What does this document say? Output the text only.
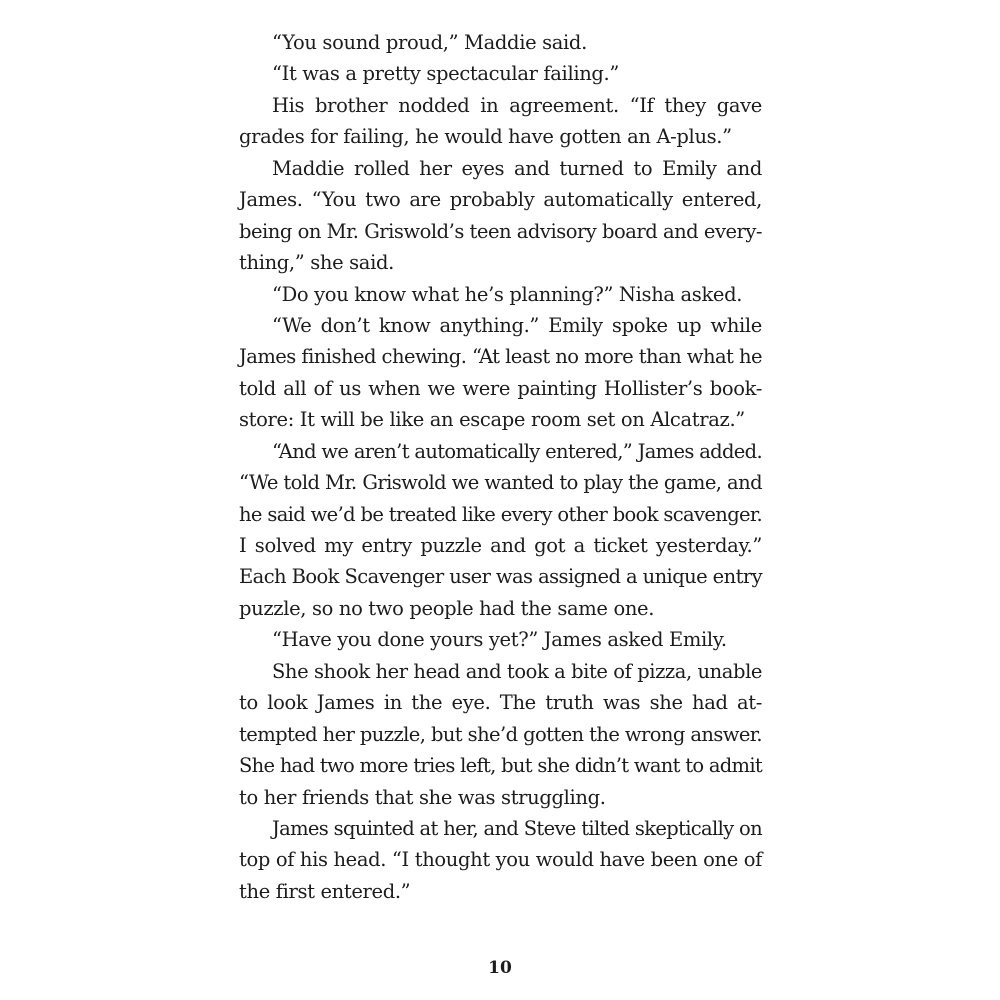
“You sound proud,” Maddie said.
“It was a pretty spectacular failing.”
His brother nodded in agreement. “If they gave
grades for failing, he would have gotten an A-plus.”
Maddie rolled her eyes and turned to Emily and
James. “You two are probably automatically entered,
being on Mr. Griswold’s teen advisory board and every-
thing,” she said.
“Do you know what he’s planning?” Nisha asked.
“We don’t know anything.” Emily spoke up while
James finished chewing. “At least no more than what he
told all of us when we were painting Hollister’s book-
store: It will be like an escape room set on Alcatraz.”
“And we aren’t automatically entered,” James added.
“We told Mr. Griswold we wanted to play the game, and
he said we’d be treated like every other book scavenger.
I solved my entry puzzle and got a ticket yesterday.”
Each Book Scavenger user was assigned a unique entry
puzzle, so no two people had the same one.
“Have you done yours yet?” James asked Emily.
She shook her head and took a bite of pizza, unable
to look James in the eye. The truth was she had at-
tempted her puzzle, but she’d gotten the wrong answer.
She had two more tries left, but she didn’t want to admit
to her friends that she was struggling.
James squinted at her, and Steve tilted skeptically on
top of his head. “I thought you would have been one of
the first entered.”
10
